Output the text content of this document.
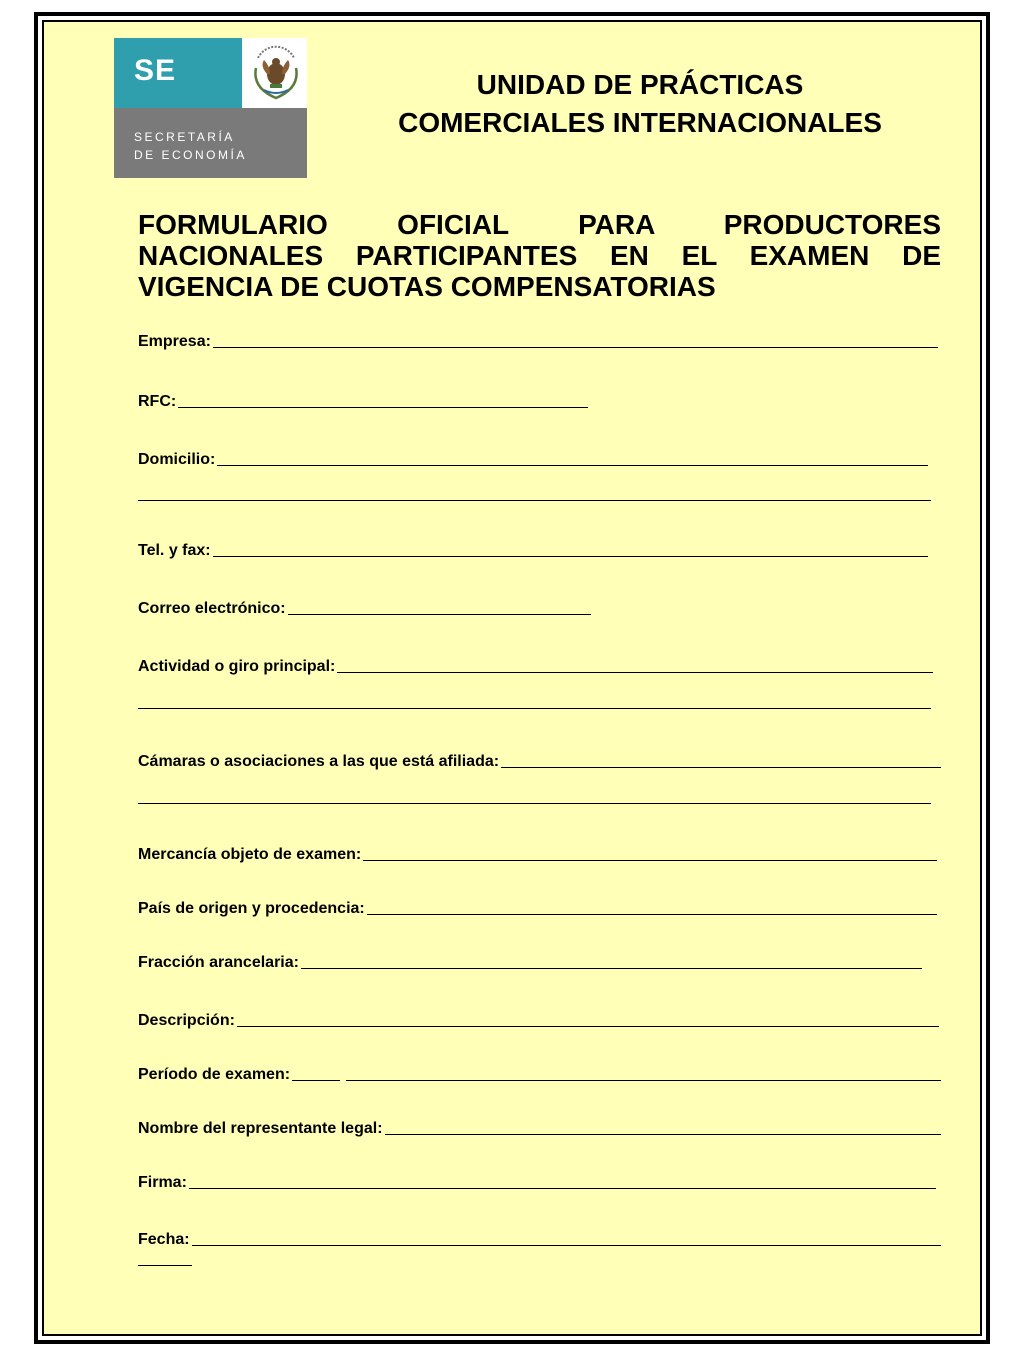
SE
SECRETARÍA
DE ECONOMÍA
UNIDAD DE PRÁCTICAS
COMERCIALES INTERNACIONALES
FORMULARIO OFICIAL PARA PRODUCTORES NACIONALES PARTICIPANTES EN EL EXAMEN DE VIGENCIA DE CUOTAS COMPENSATORIAS
Empresa:
RFC:
Domicilio:
Tel. y fax:
Correo electrónico:
Actividad o giro principal:
Cámaras o asociaciones a las que está afiliada:
Mercancía objeto de examen:
País de origen y procedencia:
Fracción arancelaria:
Descripción:
Período de examen:
Nombre del representante legal:
Firma:
Fecha:
